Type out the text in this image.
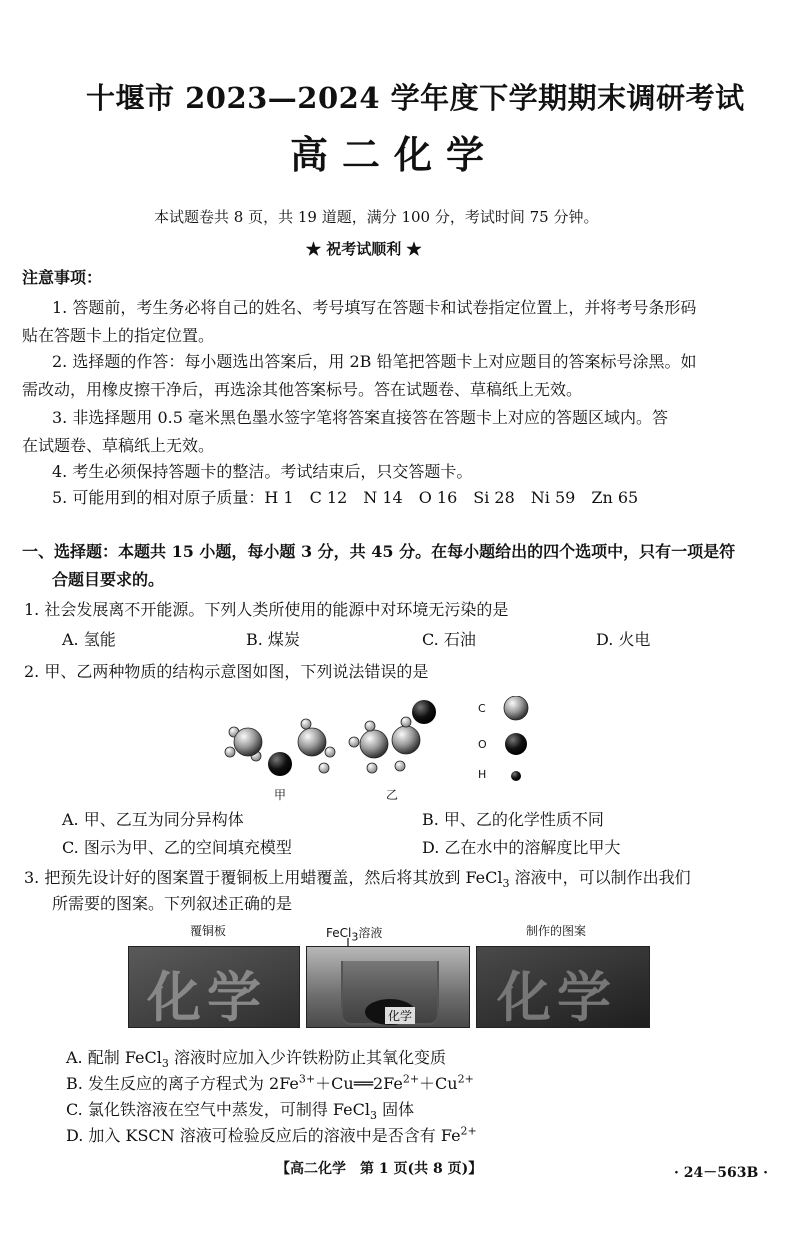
十堰市 2023—2024 学年度下学期期末调研考试
高二化学
本试题卷共 8 页，共 19 道题，满分 100 分，考试时间 75 分钟。
★ 祝考试顺利 ★
注意事项：
1. 答题前，考生务必将自己的姓名、考号填写在答题卡和试卷指定位置上，并将考号条形码
贴在答题卡上的指定位置。
2. 选择题的作答：每小题选出答案后，用 2B 铅笔把答题卡上对应题目的答案标号涂黑。如
需改动，用橡皮擦干净后，再选涂其他答案标号。答在试题卷、草稿纸上无效。
3. 非选择题用 0.5 毫米黑色墨水签字笔将答案直接答在答题卡上对应的答题区域内。答
在试题卷、草稿纸上无效。
4. 考生必须保持答题卡的整洁。考试结束后，只交答题卡。
5. 可能用到的相对原子质量：H 1　C 12　N 14　O 16　Si 28　Ni 59　Zn 65
一、选择题：本题共 15 小题，每小题 3 分，共 45 分。在每小题给出的四个选项中，只有一项是符
合题目要求的。
1. 社会发展离不开能源。下列人类所使用的能源中对环境无污染的是
A. 氢能	B. 煤炭	C. 石油	D. 火电
2. 甲、乙两种物质的结构示意图如图，下列说法错误的是
C
O
H
甲	乙
A. 甲、乙互为同分异构体	B. 甲、乙的化学性质不同
C. 图示为甲、乙的空间填充模型	D. 乙在水中的溶解度比甲大
3. 把预先设计好的图案置于覆铜板上用蜡覆盖，然后将其放到 FeCl$_3$ 溶液中，可以制作出我们
所需要的图案。下列叙述正确的是
覆铜板	FeCl$_3$溶液	制作的图案
化学	化学 化学
A. 配制 FeCl$_3$ 溶液时应加入少许铁粉防止其氧化变质
B. 发生反应的离子方程式为 $2Fe^{3+}+Cu══2Fe^{2+}+Cu^{2+}$
C. 氯化铁溶液在空气中蒸发，可制得 FeCl$_3$ 固体
D. 加入 KSCN 溶液可检验反应后的溶液中是否含有 $Fe^{2+}$
【高二化学　第 1 页(共 8 页)】	· 24－563B ·
